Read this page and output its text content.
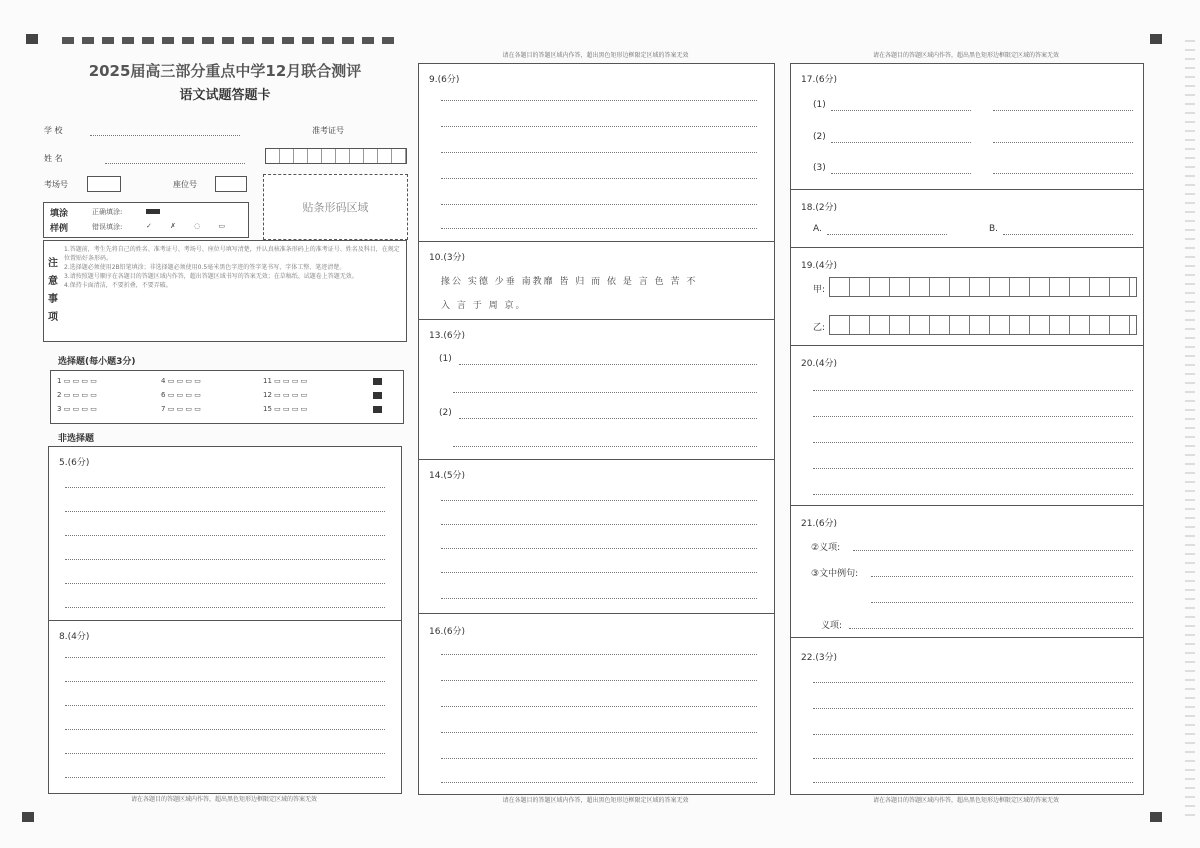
2025届高三部分重点中学12月联合测评
语文试题答题卡
学 校
姓 名
考场号	座位号
准考证号
贴条形码区域
填涂
样例
正确填涂:
错误填涂:	✓ ✗ ◌ ▭
注意事项
1.答题前，考生先将自己的姓名、准考证号、考场号、座位号填写清楚，并认真核准条形码上的准考证号、姓名及科目，在规定位置贴好条形码。
2.选择题必须使用2B铅笔填涂；非选择题必须使用0.5毫米黑色字迹的签字笔书写，字体工整、笔迹清楚。
3.请按照题号顺序在各题目的答题区域内作答，超出答题区域书写的答案无效；在草稿纸、试题卷上答题无效。
4.保持卡面清洁，不要折叠，不要弄破。
选择题(每小题3分)
1 ▭ ▭ ▭ ▭	4 ▭ ▭ ▭ ▭	11 ▭ ▭ ▭ ▭
2 ▭ ▭ ▭ ▭	6 ▭ ▭ ▭ ▭	12 ▭ ▭ ▭ ▭
3 ▭ ▭ ▭ ▭	7 ▭ ▭ ▭ ▭	15 ▭ ▭ ▭ ▭
非选择题
5.(6分)
8.(4分)
请在各题目的答题区域内作答，超出黑色矩形边框限定区域的答案无效
请在各题目的答题区域内作答，超出黑色矩形边框限定区域的答案无效
9.(6分)
10.(3分)
掾公 实德 少垂 南教靡 皆 归 而 依 是 言 色 苦 不
入 言 于 周 京。
13.(6分)
(1)
(2)
14.(5分)
16.(6分)
请在各题目的答题区域内作答，超出黑色矩形边框限定区域的答案无效
请在各题目的答题区域内作答，超出黑色矩形边框限定区域的答案无效
17.(6分)
(1)
(2)
(3)
18.(2分)
A.	B.
19.(4分)
甲:
乙:
20.(4分)
21.(6分)
②义项:
③文中例句:
义项:
22.(3分)
请在各题目的答题区域内作答，超出黑色矩形边框限定区域的答案无效
